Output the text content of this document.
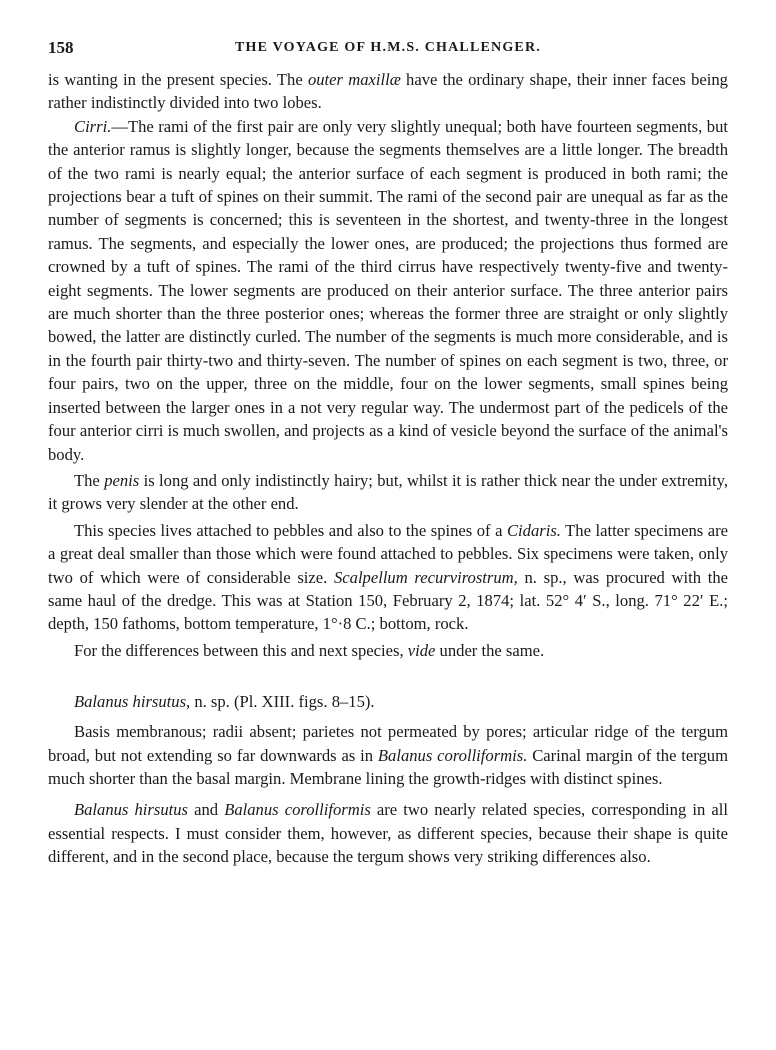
158	THE VOYAGE OF H.M.S. CHALLENGER.

is wanting in the present species. The outer maxillæ have the ordinary shape, their inner faces being rather indistinctly divided into two lobes.

Cirri.—The rami of the first pair are only very slightly unequal; both have fourteen segments, but the anterior ramus is slightly longer, because the segments themselves are a little longer. The breadth of the two rami is nearly equal; the anterior surface of each segment is produced in both rami; the projections bear a tuft of spines on their summit. The rami of the second pair are unequal as far as the number of segments is concerned; this is seventeen in the shortest, and twenty-three in the longest ramus. The segments, and especially the lower ones, are produced; the projections thus formed are crowned by a tuft of spines. The rami of the third cirrus have respectively twenty-five and twenty-eight segments. The lower segments are produced on their anterior surface. The three anterior pairs are much shorter than the three posterior ones; whereas the former three are straight or only slightly bowed, the latter are distinctly curled. The number of the segments is much more considerable, and is in the fourth pair thirty-two and thirty-seven. The number of spines on each segment is two, three, or four pairs, two on the upper, three on the middle, four on the lower segments, small spines being inserted between the larger ones in a not very regular way. The undermost part of the pedicels of the four anterior cirri is much swollen, and projects as a kind of vesicle beyond the surface of the animal's body.

The penis is long and only indistinctly hairy; but, whilst it is rather thick near the under extremity, it grows very slender at the other end.

This species lives attached to pebbles and also to the spines of a Cidaris. The latter specimens are a great deal smaller than those which were found attached to pebbles. Six specimens were taken, only two of which were of considerable size. Scalpellum recurvirostrum, n. sp., was procured with the same haul of the dredge. This was at Station 150, February 2, 1874; lat. 52° 4′ S., long. 71° 22′ E.; depth, 150 fathoms, bottom temperature, 1°·8 C.; bottom, rock.

For the differences between this and next species, vide under the same.

Balanus hirsutus, n. sp. (Pl. XIII. figs. 8–15).

Basis membranous; radii absent; parietes not permeated by pores; articular ridge of the tergum broad, but not extending so far downwards as in Balanus corolliformis. Carinal margin of the tergum much shorter than the basal margin. Membrane lining the growth-ridges with distinct spines.

Balanus hirsutus and Balanus corolliformis are two nearly related species, corresponding in all essential respects. I must consider them, however, as different species, because their shape is quite different, and in the second place, because the tergum shows very striking differences also.
